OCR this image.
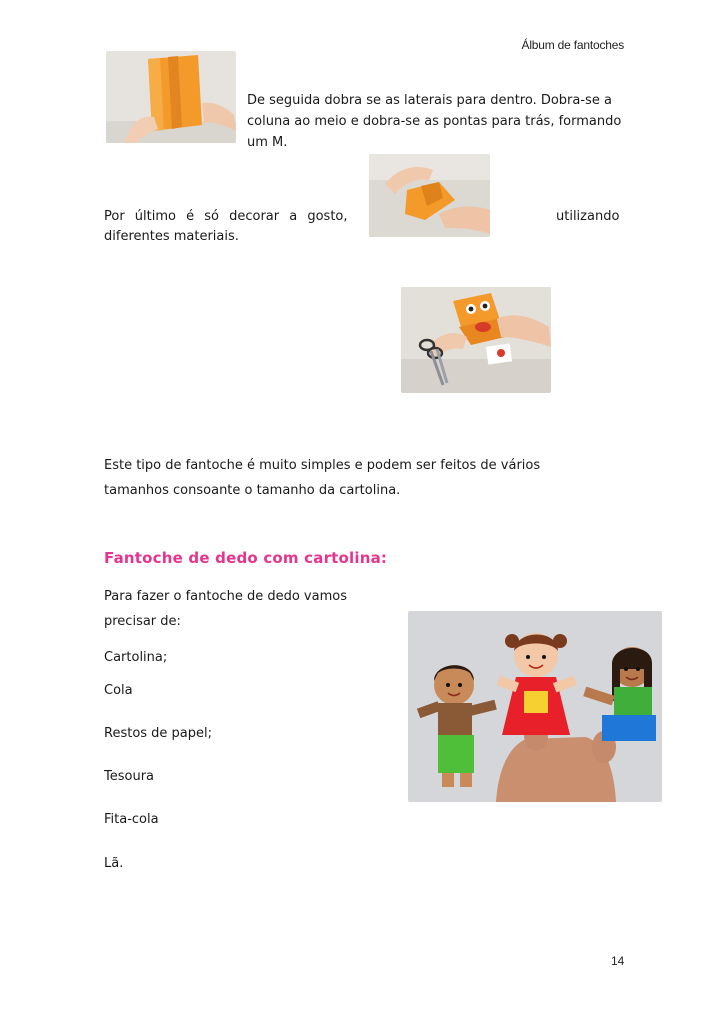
Álbum de fantoches
De seguida dobra se as laterais para dentro. Dobra-se a coluna ao meio e dobra-se as pontas para trás, formando um M.
Por último é só decorar a gosto,	utilizando
diferentes materiais.
Este tipo de fantoche é muito simples e podem ser feitos de vários tamanhos consoante o tamanho da cartolina.
Fantoche de dedo com cartolina:
Para fazer o fantoche de dedo vamos
precisar de:
Cartolina;
Cola
Restos de papel;
Tesoura
Fita-cola
Lã.
14
